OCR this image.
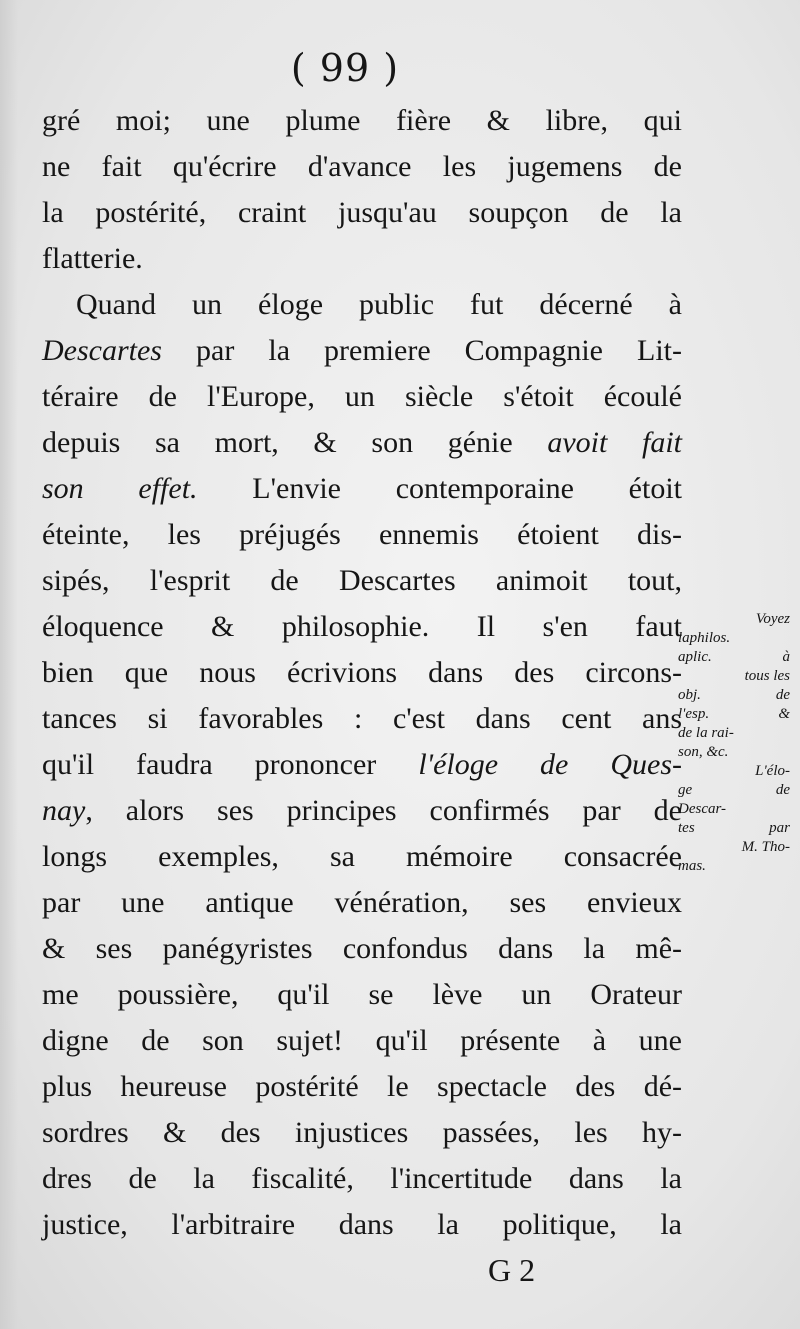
( 99 )
gré moi; une plume fière & libre, qui
ne fait qu'écrire d'avance les jugemens de
la postérité, craint jusqu'au soupçon de la
flatterie.
Quand un éloge public fut décerné à
Descartes par la premiere Compagnie Lit-
téraire de l'Europe, un siècle s'étoit écoulé
depuis sa mort, & son génie avoit fait
son effet. L'envie contemporaine étoit
éteinte, les préjugés ennemis étoient dis-
sipés, l'esprit de Descartes animoit tout,
éloquence & philosophie. Il s'en faut
bien que nous écrivions dans des circons-
tances si favorables : c'est dans cent ans
qu'il faudra prononcer l'éloge de Ques-
nay, alors ses principes confirmés par de
longs exemples, sa mémoire consacrée
par une antique vénération, ses envieux
& ses panégyristes confondus dans la mê-
me poussière, qu'il se lève un Orateur
digne de son sujet! qu'il présente à une
plus heureuse postérité le spectacle des dé-
sordres & des injustices passées, les hy-
dres de la fiscalité, l'incertitude dans la
justice, l'arbitraire dans la politique, la
Voyez
laphilos.
aplic. à
tous les
obj. de
l'esp. &
de la rai-
son, &c.
L'élo-
ge de
Descar-
tes par
M. Tho-
mas.
G 2
